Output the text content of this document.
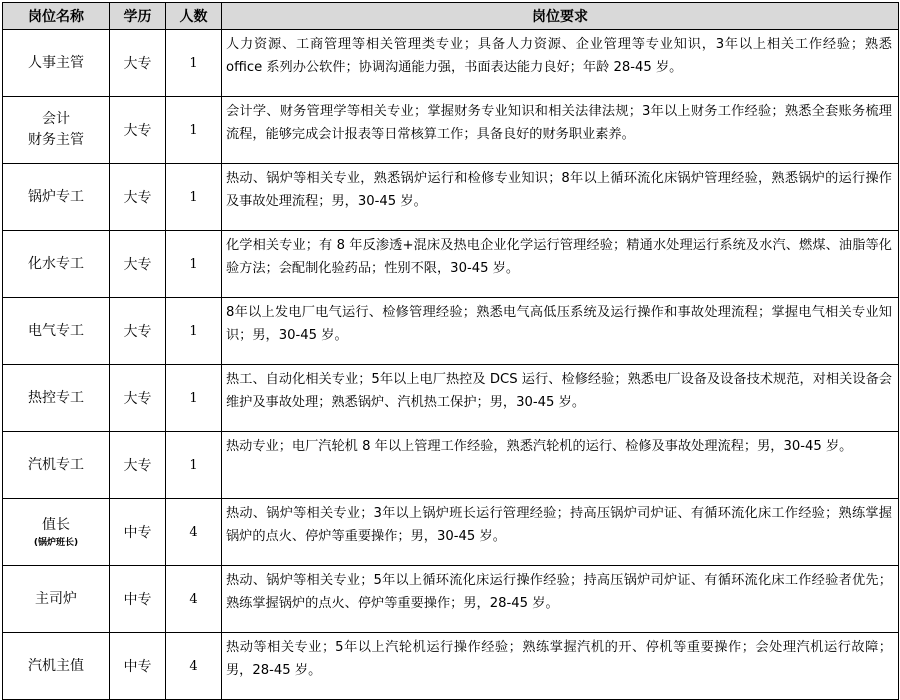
岗位名称	学历	人数	岗位要求

人事主管	大专	1	人力资源、工商管理等相关管理类专业；具备人力资源、企业管理等专业知识，3年以上相关工作经验；熟悉 office 系列办公软件；协调沟通能力强，书面表达能力良好；年龄 28-45 岁。

会计
财务主管	大专	1	会计学、财务管理学等相关专业；掌握财务专业知识和相关法律法规；3年以上财务工作经验；熟悉全套账务梳理流程，能够完成会计报表等日常核算工作；具备良好的财务职业素养。

锅炉专工	大专	1	热动、锅炉等相关专业，熟悉锅炉运行和检修专业知识；8年以上循环流化床锅炉管理经验，熟悉锅炉的运行操作及事故处理流程；男，30-45 岁。

化水专工	大专	1	化学相关专业；有 8 年反渗透+混床及热电企业化学运行管理经验；精通水处理运行系统及水汽、燃煤、油脂等化验方法；会配制化验药品；性别不限，30-45 岁。

电气专工	大专	1	8年以上发电厂电气运行、检修管理经验；熟悉电气高低压系统及运行操作和事故处理流程；掌握电气相关专业知识；男，30-45 岁。

热控专工	大专	1	热工、自动化相关专业；5年以上电厂热控及 DCS 运行、检修经验；熟悉电厂设备及设备技术规范，对相关设备会维护及事故处理；熟悉锅炉、汽机热工保护；男，30-45 岁。

汽机专工	大专	1	热动专业；电厂汽轮机 8 年以上管理工作经验，熟悉汽轮机的运行、检修及事故处理流程；男，30-45 岁。

值长
(锅炉班长)	中专	4	热动、锅炉等相关专业；3年以上锅炉班长运行管理经验；持高压锅炉司炉证、有循环流化床工作经验；熟练掌握锅炉的点火、停炉等重要操作；男，30-45 岁。

主司炉	中专	4	热动、锅炉等相关专业；5年以上循环流化床运行操作经验；持高压锅炉司炉证、有循环流化床工作经验者优先；熟练掌握锅炉的点火、停炉等重要操作；男，28-45 岁。

汽机主值	中专	4	热动等相关专业；5年以上汽轮机运行操作经验；熟练掌握汽机的开、停机等重要操作；会处理汽机运行故障；男，28-45 岁。
